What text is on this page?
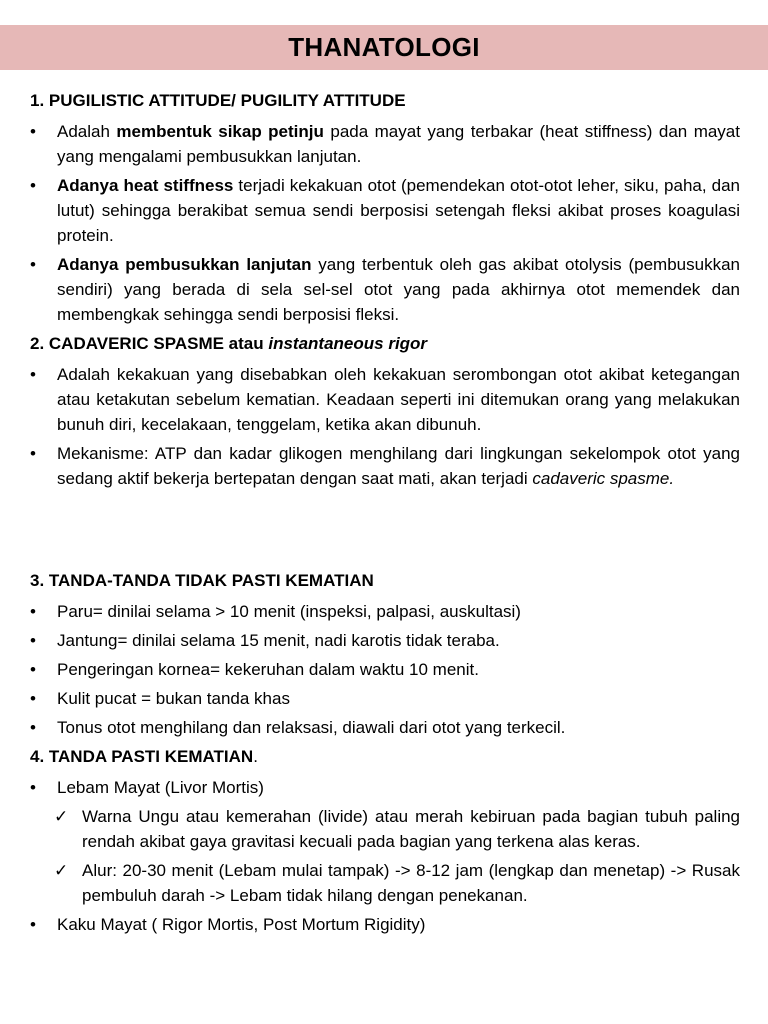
THANATOLOGI
1. PUGILISTIC ATTITUDE/ PUGILITY ATTITUDE
• Adalah membentuk sikap petinju pada mayat yang terbakar (heat stiffness) dan mayat yang mengalami pembusukkan lanjutan.
• Adanya heat stiffness terjadi kekakuan otot (pemendekan otot-otot leher, siku, paha, dan lutut) sehingga berakibat semua sendi berposisi setengah fleksi akibat proses koagulasi protein.
• Adanya pembusukkan lanjutan yang terbentuk oleh gas akibat otolysis (pembusukkan sendiri) yang berada di sela sel-sel otot yang pada akhirnya otot memendek dan membengkak sehingga sendi berposisi fleksi.
2. CADAVERIC SPASME atau instantaneous rigor
• Adalah kekakuan yang disebabkan oleh kekakuan serombongan otot akibat ketegangan atau ketakutan sebelum kematian. Keadaan seperti ini ditemukan orang yang melakukan bunuh diri, kecelakaan, tenggelam, ketika akan dibunuh.
• Mekanisme: ATP dan kadar glikogen menghilang dari lingkungan sekelompok otot yang sedang aktif bekerja bertepatan dengan saat mati, akan terjadi cadaveric spasme.
3. TANDA-TANDA TIDAK PASTI KEMATIAN
• Paru= dinilai selama > 10 menit (inspeksi, palpasi, auskultasi)
• Jantung= dinilai selama 15 menit, nadi karotis tidak teraba.
• Pengeringan kornea= kekeruhan dalam waktu 10 menit.
• Kulit pucat = bukan tanda khas
• Tonus otot menghilang dan relaksasi, diawali dari otot yang terkecil.
4. TANDA PASTI KEMATIAN.
• Lebam Mayat (Livor Mortis)
✓ Warna Ungu atau kemerahan (livide) atau merah kebiruan pada bagian tubuh paling rendah akibat gaya gravitasi kecuali pada bagian yang terkena alas keras.
✓ Alur: 20-30 menit (Lebam mulai tampak) -> 8-12 jam (lengkap dan menetap) -> Rusak pembuluh darah -> Lebam tidak hilang dengan penekanan.
• Kaku Mayat ( Rigor Mortis, Post Mortum Rigidity)
